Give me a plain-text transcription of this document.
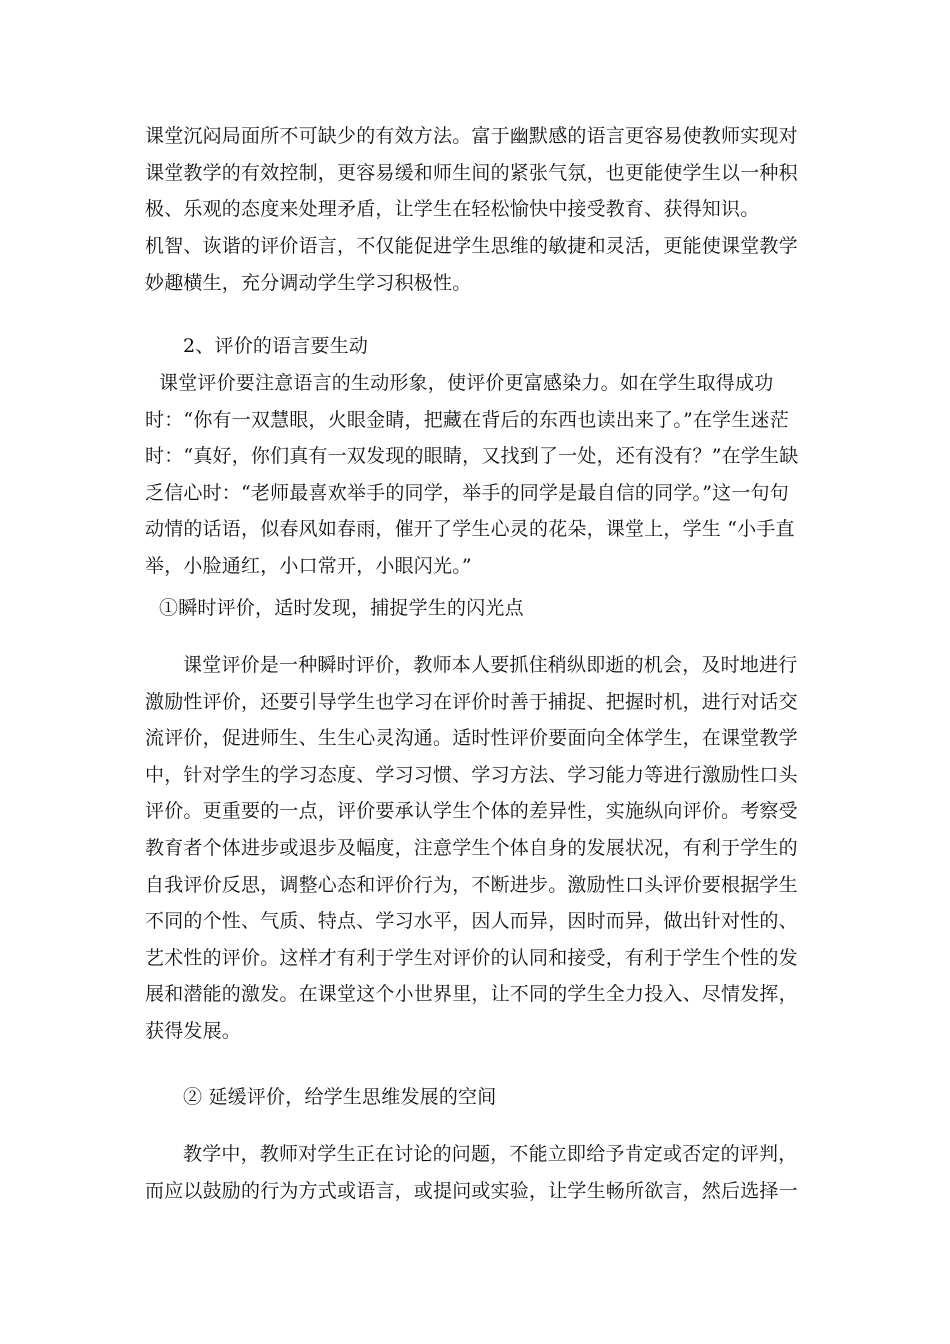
课堂沉闷局面所不可缺少的有效方法。富于幽默感的语言更容易使教师实现对课堂教学的有效控制，更容易缓和师生间的紧张气氛，也更能使学生以一种积极、乐观的态度来处理矛盾，让学生在轻松愉快中接受教育、获得知识。

机智、诙谐的评价语言，不仅能促进学生思维的敏捷和灵活，更能使课堂教学妙趣横生，充分调动学生学习积极性。

2、评价的语言要生动

课堂评价要注意语言的生动形象，使评价更富感染力。如在学生取得成功时：“你有一双慧眼，火眼金睛，把藏在背后的东西也读出来了。”在学生迷茫时：“真好，你们真有一双发现的眼睛，又找到了一处，还有没有？”在学生缺乏信心时：“老师最喜欢举手的同学，举手的同学是最自信的同学。”这一句句动情的话语，似春风如春雨，催开了学生心灵的花朵，课堂上，学生 “小手直举，小脸通红，小口常开，小眼闪光。”

①瞬时评价，适时发现，捕捉学生的闪光点

课堂评价是一种瞬时评价，教师本人要抓住稍纵即逝的机会，及时地进行激励性评价，还要引导学生也学习在评价时善于捕捉、把握时机，进行对话交流评价，促进师生、生生心灵沟通。适时性评价要面向全体学生，在课堂教学中，针对学生的学习态度、学习习惯、学习方法、学习能力等进行激励性口头评价。更重要的一点，评价要承认学生个体的差异性，实施纵向评价。考察受教育者个体进步或退步及幅度，注意学生个体自身的发展状况，有利于学生的自我评价反思，调整心态和评价行为，不断进步。激励性口头评价要根据学生不同的个性、气质、特点、学习水平，因人而异，因时而异，做出针对性的、艺术性的评价。这样才有利于学生对评价的认同和接受，有利于学生个性的发展和潜能的激发。在课堂这个小世界里，让不同的学生全力投入、尽情发挥，获得发展。

② 延缓评价，给学生思维发展的空间

教学中，教师对学生正在讨论的问题，不能立即给予肯定或否定的评判，而应以鼓励的行为方式或语言，或提问或实验，让学生畅所欲言，然后选择一
